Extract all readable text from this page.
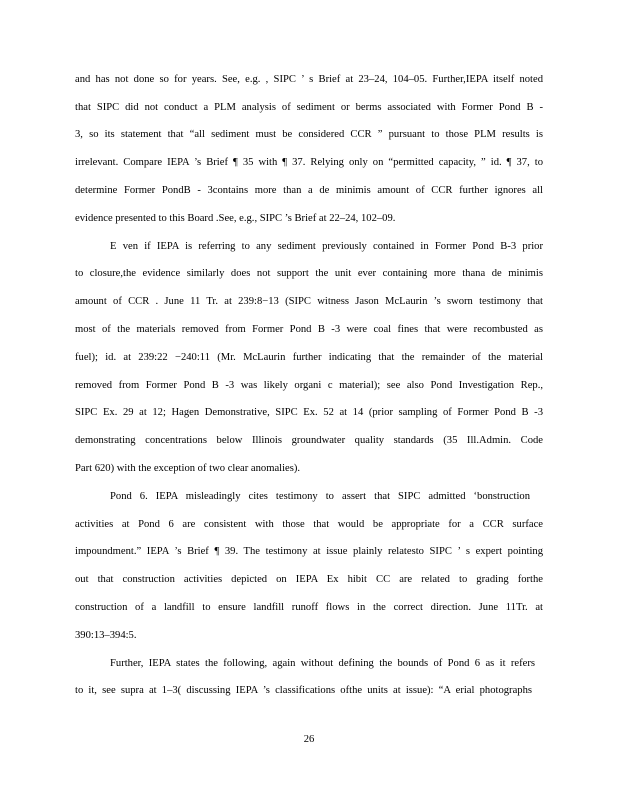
and has not done so for years. See, e.g. , SIPC ’ s Brief at 23–24, 104–05. Further,IEPA itself noted
that SIPC did not conduct a PLM analysis of sediment or berms associated with Former Pond B -
3, so its statement that “all sediment must be considered CCR ” pursuant to those PLM results is
irrelevant. Compare IEPA ’s Brief ¶ 35 with ¶ 37. Relying only on “permitted capacity, ” id. ¶ 37, to
determine Former PondB - 3contains more than a de minimis amount of CCR further ignores all
evidence presented to this Board .See, e.g., SIPC ’s Brief at 22–24, 102–09.
E ven if IEPA is referring to any sediment previously contained in Former Pond B-3 prior
to closure,the evidence similarly does not support the unit ever containing more thana de minimis
amount of CCR . June 11 Tr. at 239:8−13 (SIPC witness Jason McLaurin ’s sworn testimony that
most of the materials removed from Former Pond B -3 were coal fines that were recombusted as
fuel); id. at 239:22 −240:11 (Mr. McLaurin further indicating that the remainder of the material
removed from Former Pond B -3 was likely organi c material); see also Pond Investigation Rep.,
SIPC Ex. 29 at 12; Hagen Demonstrative, SIPC Ex. 52 at 14 (prior sampling of Former Pond B -3
demonstrating concentrations below Illinois groundwater quality standards (35 Ill.Admin. Code
Part 620) with the exception of two clear anomalies).
Pond 6. IEPA misleadingly cites testimony to assert that SIPC admitted ‘bonstruction
activities at Pond 6 are consistent with those that would be appropriate for a CCR surface
impoundment.” IEPA ’s Brief ¶ 39. The testimony at issue plainly relatesto SIPC ’ s expert pointing
out that construction activities depicted on IEPA Ex hibit CC are related to grading forthe
construction of a landfill to ensure landfill runoff flows in the correct direction. June 11Tr. at
390:13–394:5.
Further, IEPA states the following, again without defining the bounds of Pond 6 as it refers
to it, see supra at 1–3( discussing IEPA ’s classifications ofthe units at issue): “A erial photographs
26
